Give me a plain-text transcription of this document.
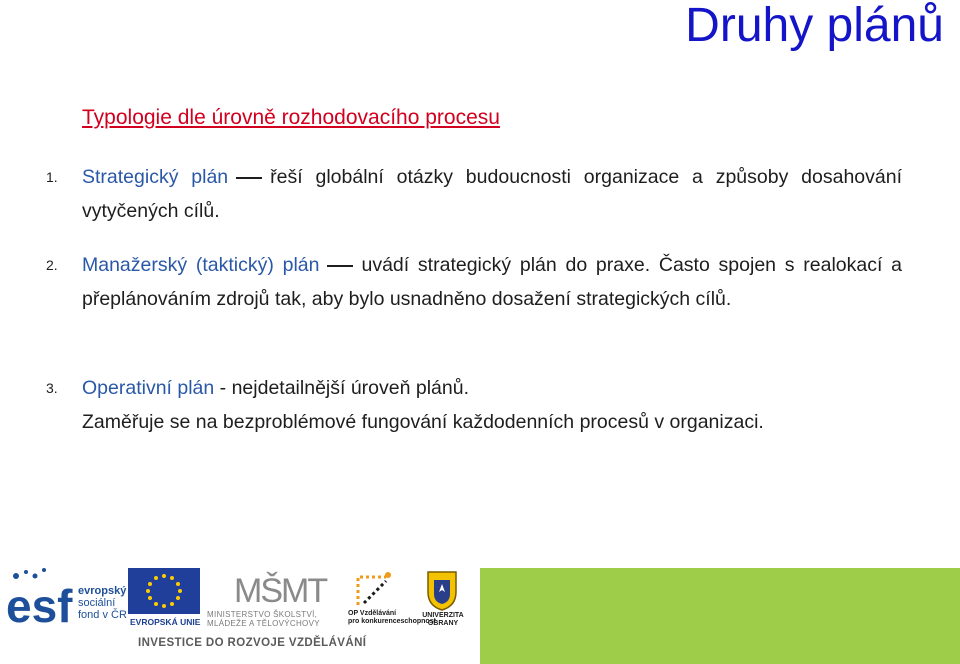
Druhy plánů
Typologie dle úrovně rozhodovacího procesu
1. Strategický plán řeší globální otázky budoucnosti organizace a způsoby dosahování vytyčených cílů.
2. Manažerský (taktický) plán uvádí strategický plán do praxe. Často spojen s realokací a přeplánováním zdrojů tak, aby bylo usnadněno dosažení strategických cílů.
3. Operativní plán - nejdetailnější úroveň plánů.
Zaměřuje se na bezproblémové fungování každodenních procesů v organizaci.
esf evropský
sociální
fond v ČR
EVROPSKÁ UNIE
MŠMT
MINISTERSTVO ŠKOLSTVÍ,
MLÁDEŽE A TĚLOVÝCHOVY
OP Vzdělávání
pro konkurenceschopnost
UNIVERZITA
OBRANY
INVESTICE DO ROZVOJE VZDĚLÁVÁNÍ
